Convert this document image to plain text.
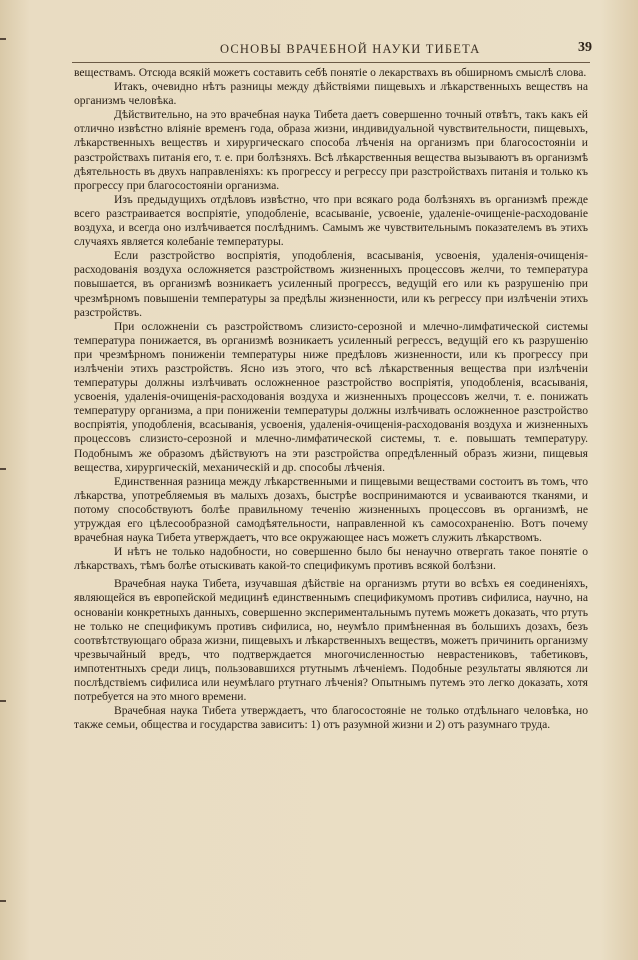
ОСНОВЫ ВРАЧЕБНОЙ НАУКИ ТИБЕТА	39

веществамъ. Отсюда всякій можетъ составить себѣ понятіе о лекарствахъ въ обширномъ смыслѣ слова.

Итакъ, очевидно нѣтъ разницы между дѣйствіями пищевыхъ и лѣкарственныхъ веществъ на организмъ человѣка.

Дѣйствительно, на это врачебная наука Тибета даетъ совершенно точный отвѣтъ, такъ какъ ей отлично извѣстно вліяніе временъ года, образа жизни, индивидуальной чувствительности, пищевыхъ, лѣкарственныхъ веществъ и хирургическаго способа лѣченія на организмъ при благосостояніи и разстройствахъ питанія его, т. е. при болѣзняхъ. Всѣ лѣкарственныя вещества вызываютъ въ организмѣ дѣятельность въ двухъ направленіяхъ: къ прогрессу и регрессу при разстройствахъ питанія и только къ прогрессу при благосостояніи организма.

Изъ предыдущихъ отдѣловъ извѣстно, что при всякаго рода болѣзняхъ въ организмѣ прежде всего разстраивается воспріятіе, уподобленіе, всасываніе, усвоеніе, удаленіе-очищеніе-расходованіе воздуха, и всегда оно излѣчивается послѣднимъ. Самымъ же чувствительнымъ показателемъ въ этихъ случаяхъ является колебаніе температуры.

Если разстройство воспріятія, уподобленія, всасыванія, усвоенія, удаленія-очищенія-расходованія воздуха осложняется разстройствомъ жизненныхъ процессовъ желчи, то температура повышается, въ организмѣ возникаетъ усиленный прогрессъ, ведущій его или къ разрушенію при чрезмѣрномъ повышеніи температуры за предѣлы жизненности, или къ регрессу при излѣченіи этихъ разстройствъ.

При осложненіи съ разстройствомъ слизисто-серозной и млечно-лимфатической системы температура понижается, въ организмѣ возникаетъ усиленный регрессъ, ведущій его къ разрушенію при чрезмѣрномъ пониженіи температуры ниже предѣловъ жизненности, или къ прогрессу при излѣченіи этихъ разстройствъ. Ясно изъ этого, что всѣ лѣкарственныя вещества при излѣченіи температуры должны излѣчивать осложненное разстройство воспріятія, уподобленія, всасыванія, усвоенія, удаленія-очищенія-расходованія воздуха и жизненныхъ процессовъ желчи, т. е. понижать температуру организма, а при пониженіи температуры должны излѣчивать осложненное разстройство воспріятія, уподобленія, всасыванія, усвоенія, удаленія-очищенія-расходованія воздуха и жизненныхъ процессовъ слизисто-серозной и млечно-лимфатической системы, т. е. повышать температуру. Подобнымъ же образомъ дѣйствуютъ на эти разстройства опредѣленный образъ жизни, пищевыя вещества, хирургическій, механическій и др. способы лѣченія.

Единственная разница между лѣкарственными и пищевыми веществами состоитъ въ томъ, что лѣкарства, употребляемыя въ малыхъ дозахъ, быстрѣе воспринимаются и усваиваются тканями, и потому способствуютъ болѣе правильному теченію жизненныхъ процессовъ въ организмѣ, не утруждая его цѣлесообразной самодѣятельности, направленной къ самосохраненію. Вотъ почему врачебная наука Тибета утверждаетъ, что все окружающее насъ можетъ служить лѣкарствомъ.

И нѣтъ не только надобности, но совершенно было бы ненаучно отвергать такое понятіе о лѣкарствахъ, тѣмъ болѣе отыскивать какой-то спецификумъ противъ всякой болѣзни.

Врачебная наука Тибета, изучавшая дѣйствіе на организмъ ртути во всѣхъ ея соединеніяхъ, являющейся въ европейской медицинѣ единственнымъ спецификумомъ противъ сифилиса, научно, на основаніи конкретныхъ данныхъ, совершенно экспериментальнымъ путемъ можетъ доказать, что ртуть не только не спецификумъ противъ сифилиса, но, неумѣло примѣненная въ большихъ дозахъ, безъ соотвѣтствующаго образа жизни, пищевыхъ и лѣкарственныхъ веществъ, можетъ причинить организму чрезвычайный вредъ, что подтверждается многочисленностью неврастениковъ, табетиковъ, импотентныхъ среди лицъ, пользовавшихся ртутнымъ лѣченіемъ. Подобные результаты являются ли послѣдствіемъ сифилиса или неумѣлаго ртутнаго лѣченія? Опытнымъ путемъ это легко доказать, хотя потребуется на это много времени.

Врачебная наука Тибета утверждаетъ, что благосостояніе не только отдѣльнаго человѣка, но также семьи, общества и государства зависитъ: 1) отъ разумной жизни и 2) отъ разумнаго труда.
